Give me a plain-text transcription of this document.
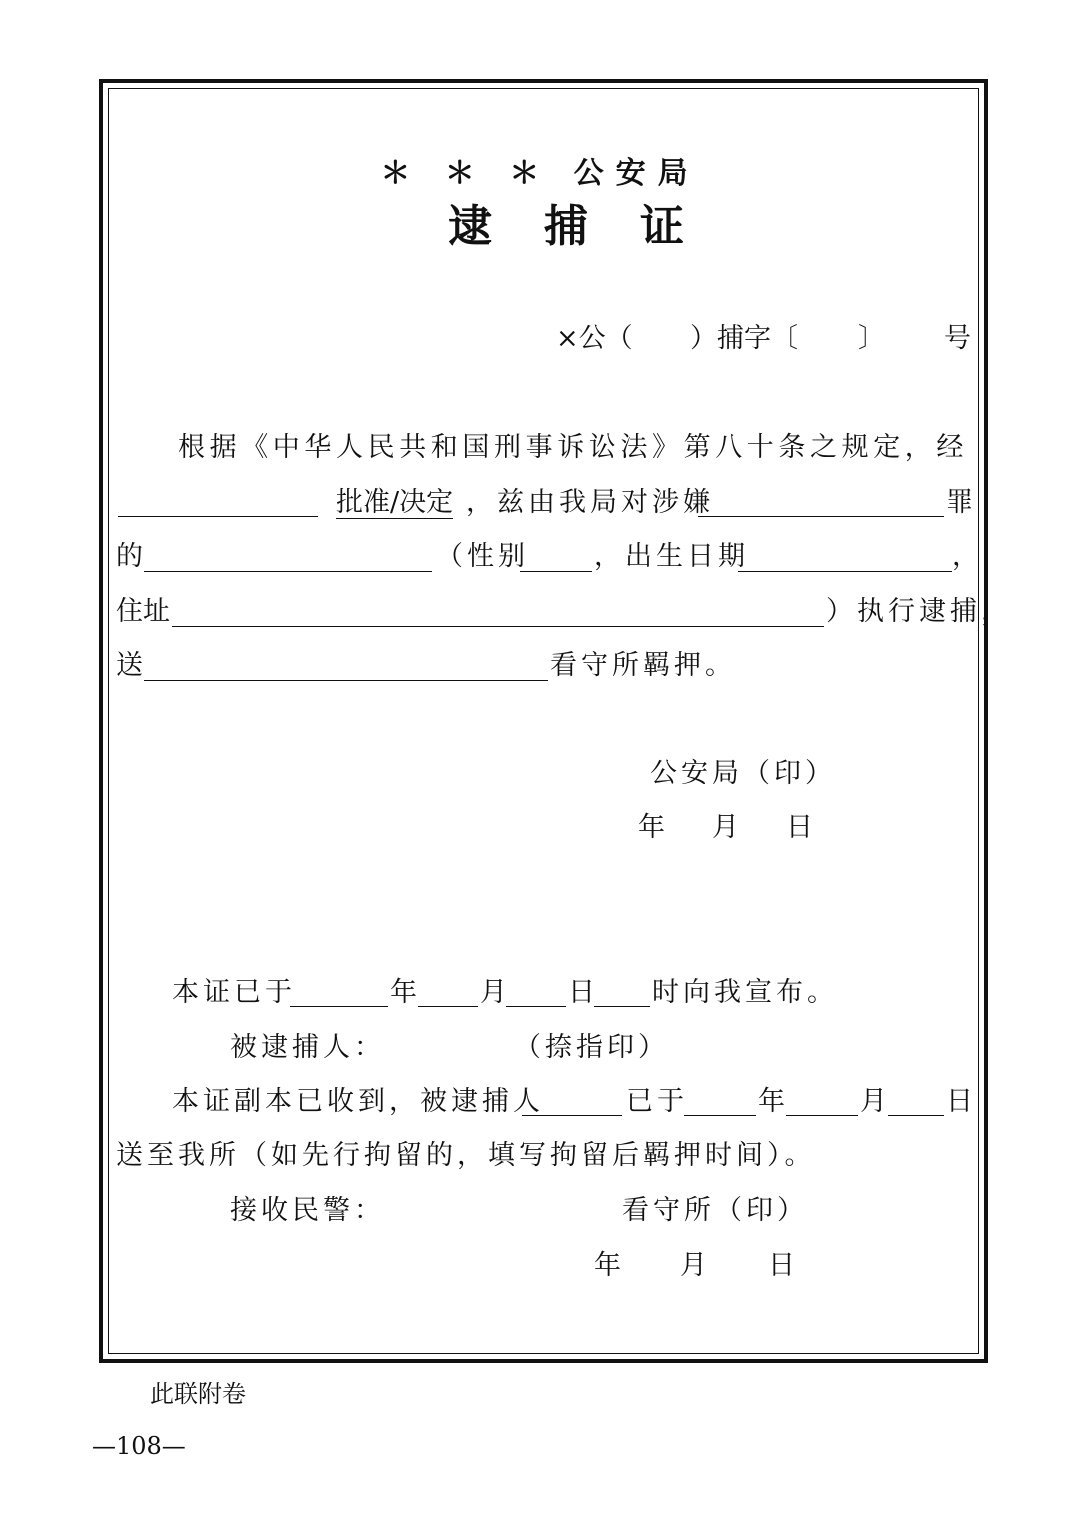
＊ ＊ ＊ 公安局
逮捕证
×公（ ）捕字〔 〕 号
根据《中华人民共和国刑事诉讼法》第八十条之规定，经
批准/决定 ，兹由我局对涉嫌	罪
的	（性别 ，出生日期	，
住址	）执行逮捕，
送	看守所羁押。
公安局（印）
年 月 日
本证已于	年 月 日 时向我宣布。
被逮捕人：	（捺指印）
本证副本已收到，被逮捕人	已于	年	月 日
送至我所（如先行拘留的，填写拘留后羁押时间）。
接收民警：	看守所（印）
年 月 日
此联附卷
—108—
